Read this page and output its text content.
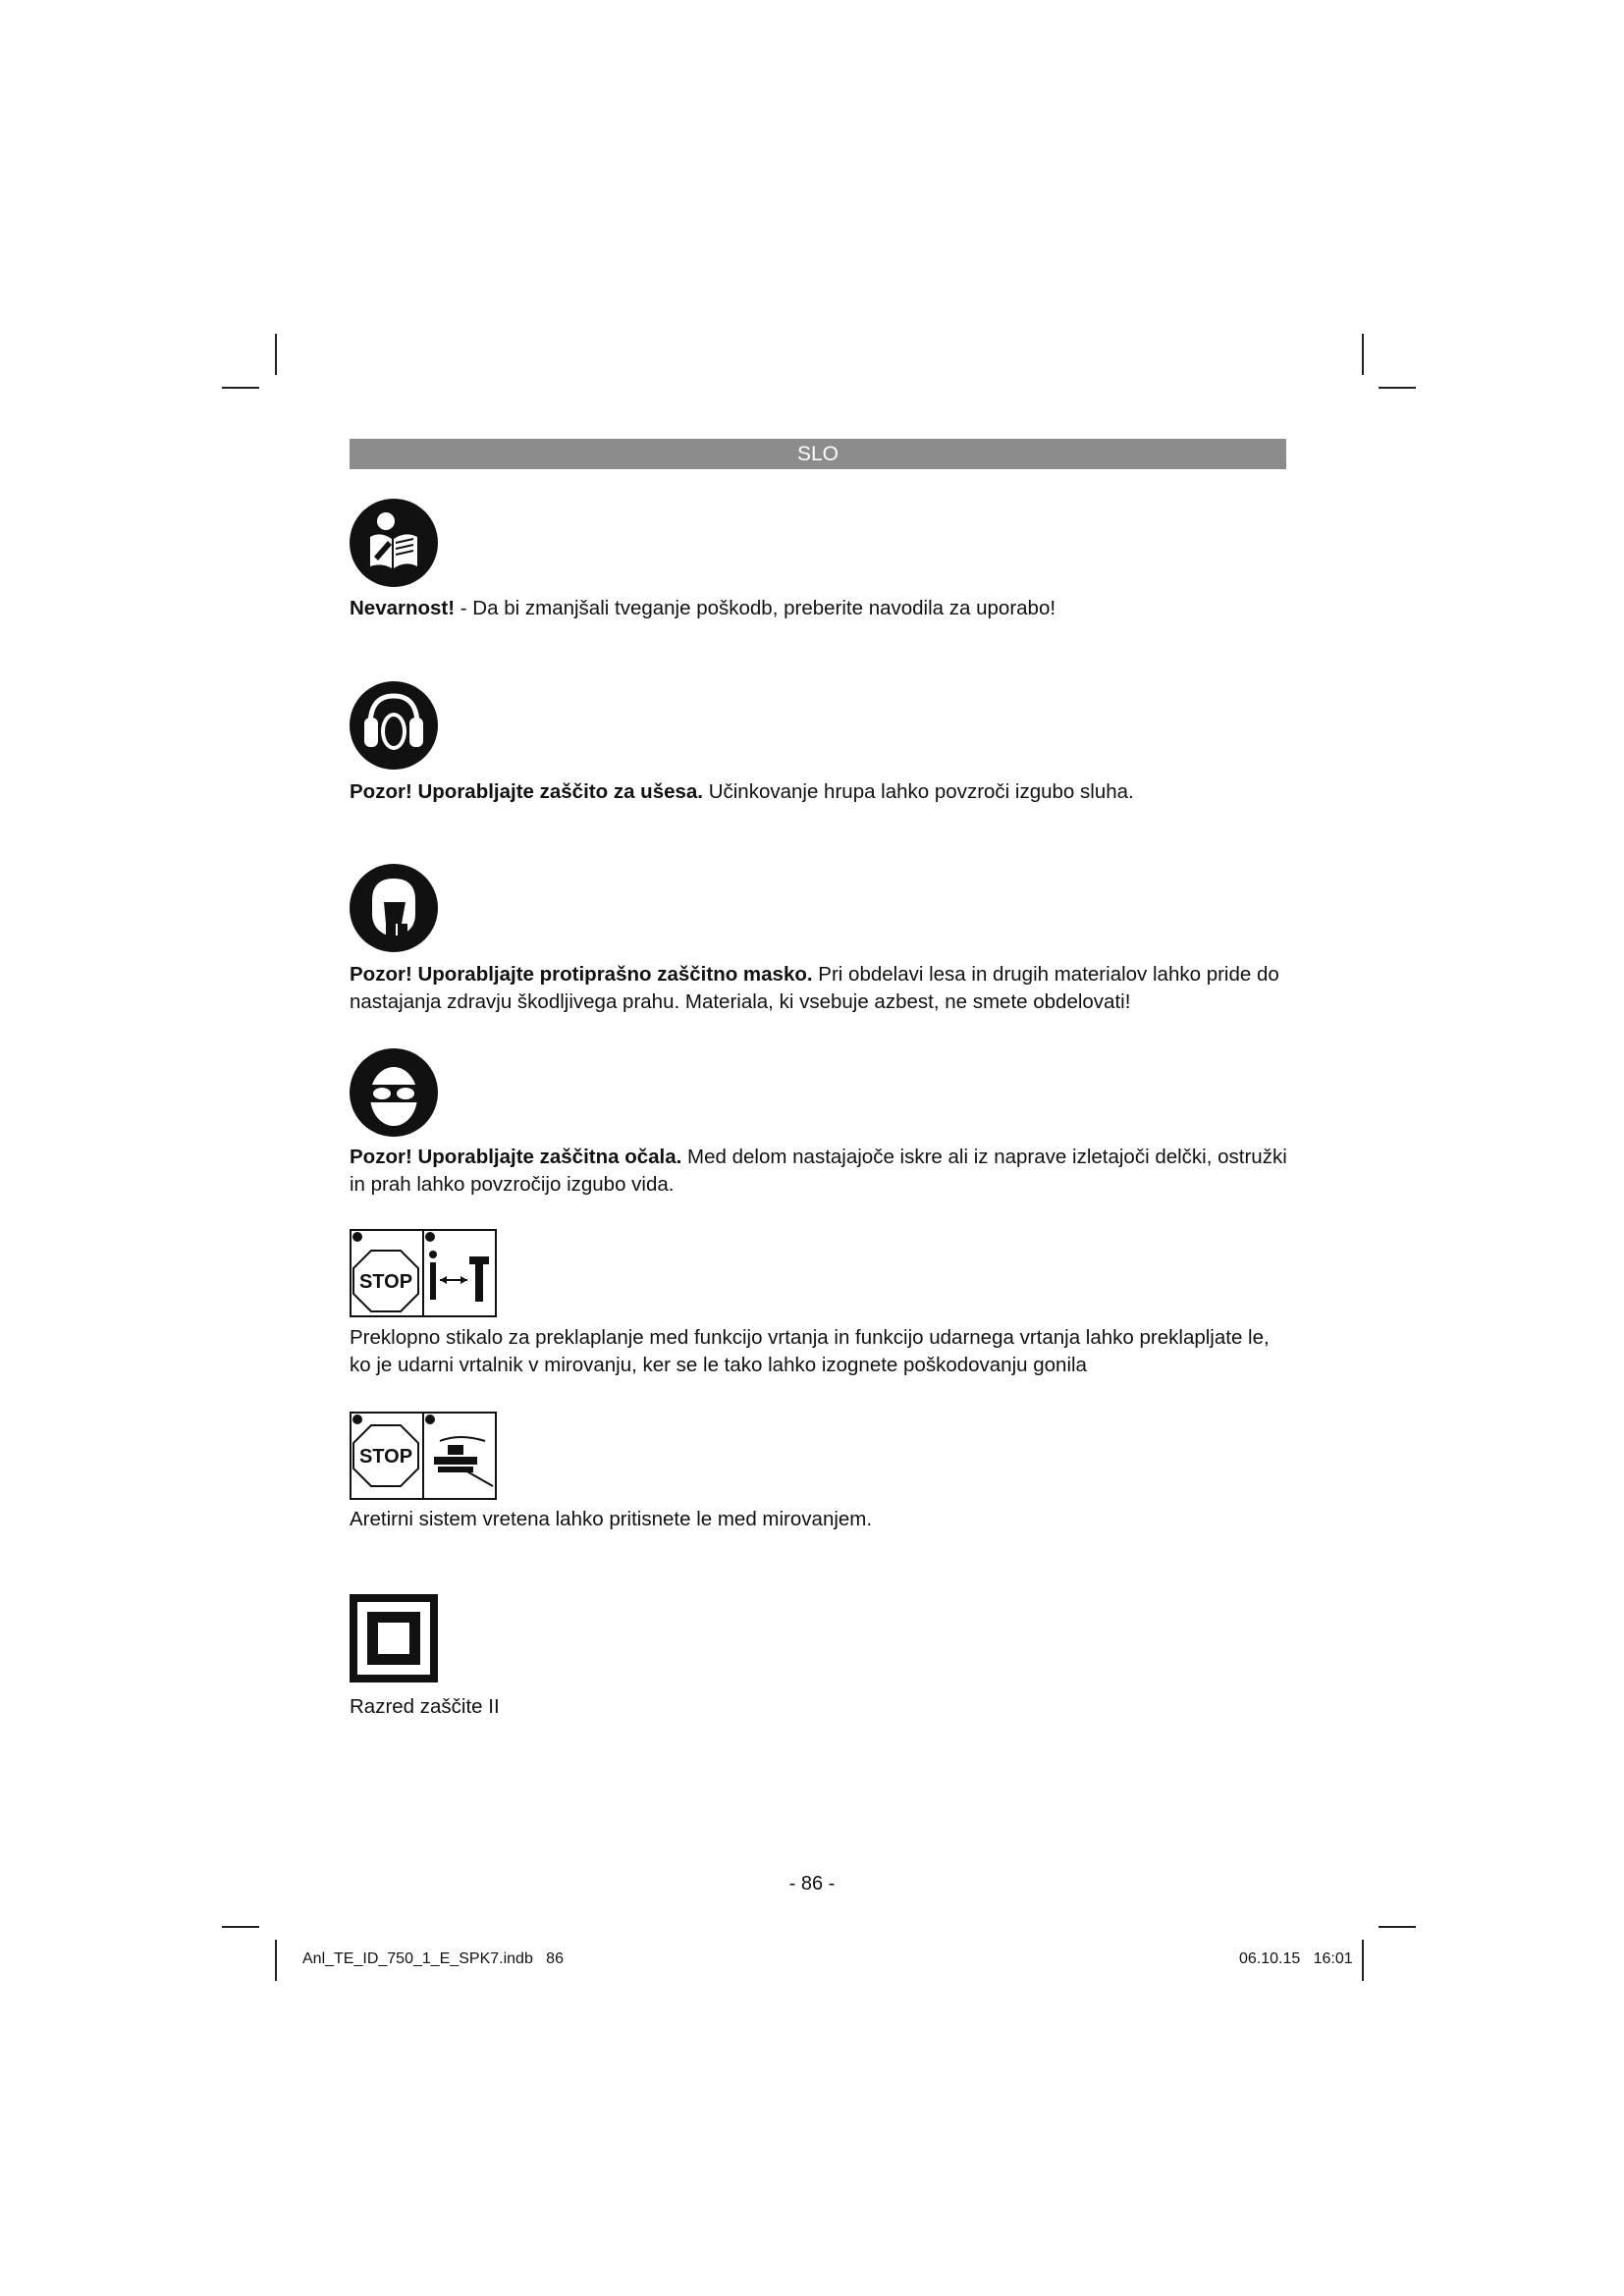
SLO
Nevarnost! - Da bi zmanjšali tveganje poškodb, preberite navodila za uporabo!
Pozor! Uporabljajte zaščito za ušesa. Učinkovanje hrupa lahko povzroči izgubo sluha.
Pozor! Uporabljajte protiprašno zaščitno masko. Pri obdelavi lesa in drugih materialov lahko pride do nastajanja zdravju škodljivega prahu. Materiala, ki vsebuje azbest, ne smete obdelovati!
Pozor! Uporabljajte zaščitna očala. Med delom nastajajoče iskre ali iz naprave izletajoči delčki, ostružki in prah lahko povzročijo izgubo vida.
STOP
Preklopno stikalo za preklaplanje med funkcijo vrtanja in funkcijo udarnega vrtanja lahko preklapljate le, ko je udarni vrtalnik v mirovanju, ker se le tako lahko izognete poškodovanju gonila
STOP
Aretirni sistem vretena lahko pritisnete le med mirovanjem.
Razred zaščite II
- 86 -
Anl_TE_ID_750_1_E_SPK7.indb   86	06.10.15   16:01
